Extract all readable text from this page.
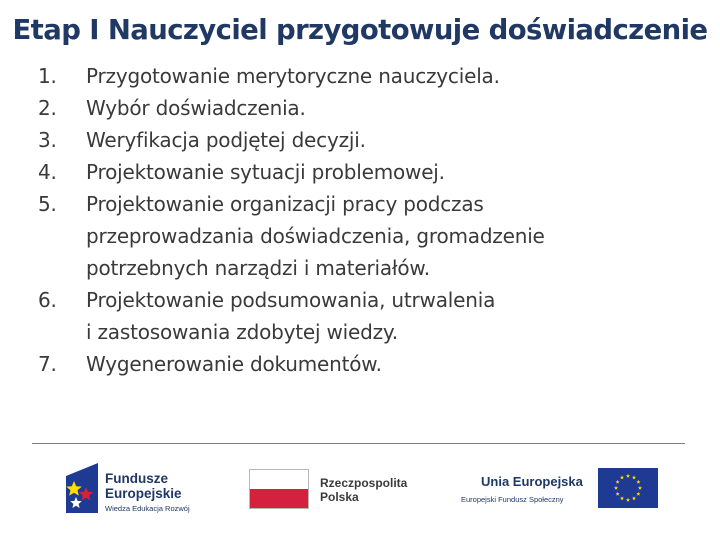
Etap I Nauczyciel przygotowuje doświadczenie
1.	Przygotowanie merytoryczne nauczyciela.
2.	Wybór doświadczenia.
3.	Weryfikacja podjętej decyzji.
4.	Projektowanie sytuacji problemowej.
5.	Projektowanie organizacji pracy podczas
przeprowadzania doświadczenia, gromadzenie
potrzebnych narządzi i materiałów.
6.	Projektowanie podsumowania, utrwalenia
i zastosowania zdobytej wiedzy.
7.	Wygenerowanie dokumentów.
Fundusze
Europejskie
Wiedza Edukacja Rozwój
Rzeczpospolita
Polska
Unia Europejska
Europejski Fundusz Społeczny
